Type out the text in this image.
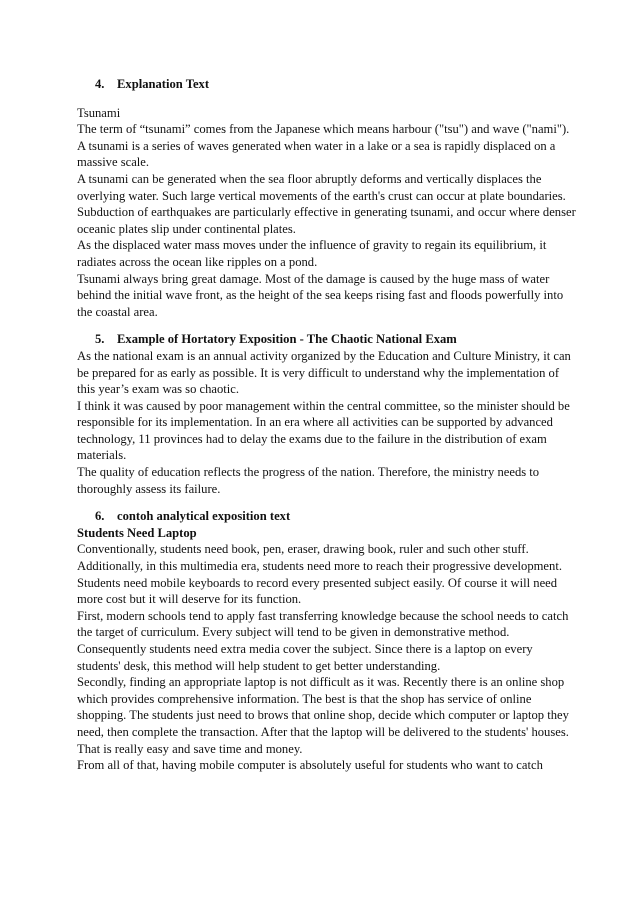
4. Explanation Text

Tsunami

The term of “tsunami” comes from the Japanese which means harbour ("tsu") and wave ("nami"). A tsunami is a series of waves generated when water in a lake or a sea is rapidly displaced on a massive scale.

A tsunami can be generated when the sea floor abruptly deforms and vertically displaces the overlying water. Such large vertical movements of the earth's crust can occur at plate boundaries.

Subduction of earthquakes are particularly effective in generating tsunami, and occur where denser oceanic plates slip under continental plates.

As the displaced water mass moves under the influence of gravity to regain its equilibrium, it radiates across the ocean like ripples on a pond.

Tsunami always bring great damage. Most of the damage is caused by the huge mass of water behind the initial wave front, as the height of the sea keeps rising fast and floods powerfully into the coastal area.

5. Example of Hortatory Exposition - The Chaotic National Exam

As the national exam is an annual activity organized by the Education and Culture Ministry, it can be prepared for as early as possible. It is very difficult to understand why the implementation of this year’s exam was so chaotic.

I think it was caused by poor management within the central committee, so the minister should be responsible for its implementation. In an era where all activities can be supported by advanced technology, 11 provinces had to delay the exams due to the failure in the distribution of exam materials.

The quality of education reflects the progress of the nation. Therefore, the ministry needs to thoroughly assess its failure.

6. contoh analytical exposition text

Students Need Laptop

Conventionally, students need book, pen, eraser, drawing book, ruler and such other stuff. Additionally, in this multimedia era, students need more to reach their progressive development. Students need mobile keyboards to record every presented subject easily. Of course it will need more cost but it will deserve for its function.

First, modern schools tend to apply fast transferring knowledge because the school needs to catch the target of curriculum. Every subject will tend to be given in demonstrative method. Consequently students need extra media cover the subject. Since there is a laptop on every students' desk, this method will help student to get better understanding.

Secondly, finding an appropriate laptop is not difficult as it was. Recently there is an online shop which provides comprehensive information. The best is that the shop has service of online shopping. The students just need to brows that online shop, decide which computer or laptop they need, then complete the transaction. After that the laptop will be delivered to the students' houses. That is really easy and save time and money.

From all of that, having mobile computer is absolutely useful for students who want to catch
